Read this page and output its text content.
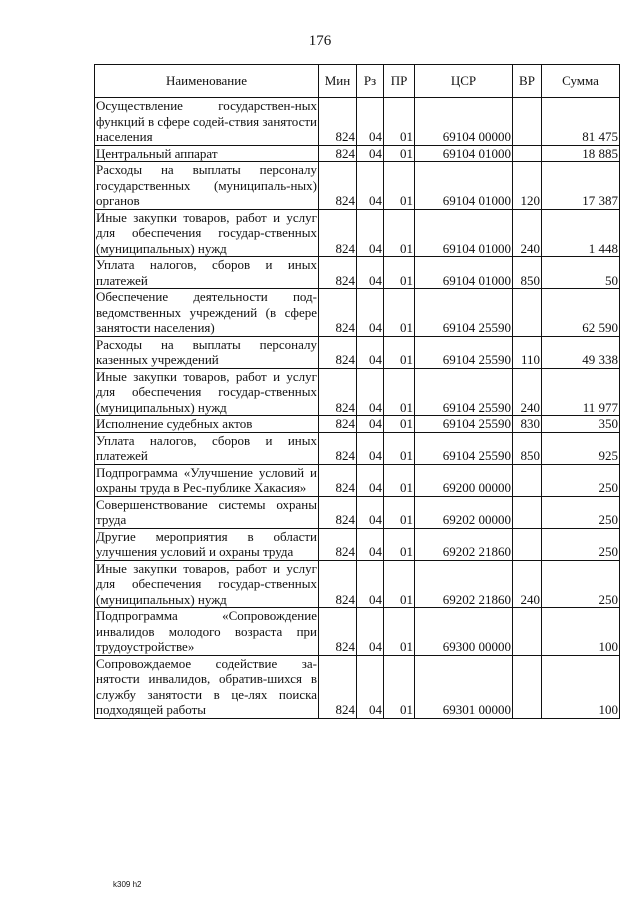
176
Наименование	Мин	Рз	ПР	ЦСР	ВР	Сумма
Осуществление государствен-ных функций в сфере содей-ствия занятости населения	824	04	01	69104 00000		81 475
Центральный аппарат	824	04	01	69104 01000		18 885
Расходы на выплаты персоналу государственных (муниципаль-ных) органов	824	04	01	69104 01000	120	17 387
Иные закупки товаров, работ и услуг для обеспечения государ-ственных (муниципальных) нужд	824	04	01	69104 01000	240	1 448
Уплата налогов, сборов и иных платежей	824	04	01	69104 01000	850	50
Обеспечение деятельности под-ведомственных учреждений (в сфере занятости населения)	824	04	01	69104 25590		62 590
Расходы на выплаты персоналу казенных учреждений	824	04	01	69104 25590	110	49 338
Иные закупки товаров, работ и услуг для обеспечения государ-ственных (муниципальных) нужд	824	04	01	69104 25590	240	11 977
Исполнение судебных актов	824	04	01	69104 25590	830	350
Уплата налогов, сборов и иных платежей	824	04	01	69104 25590	850	925
Подпрограмма «Улучшение условий и охраны труда в Рес-публике Хакасия»	824	04	01	69200 00000		250
Совершенствование системы охраны труда	824	04	01	69202 00000		250
Другие мероприятия в области улучшения условий и охраны труда	824	04	01	69202 21860		250
Иные закупки товаров, работ и услуг для обеспечения государ-ственных (муниципальных) нужд	824	04	01	69202 21860	240	250
Подпрограмма «Сопровождение инвалидов молодого возраста при трудоустройстве»	824	04	01	69300 00000		100
Сопровождаемое содействие за-нятости инвалидов, обратив-шихся в службу занятости в це-лях поиска подходящей работы	824	04	01	69301 00000		100
k309 h2
